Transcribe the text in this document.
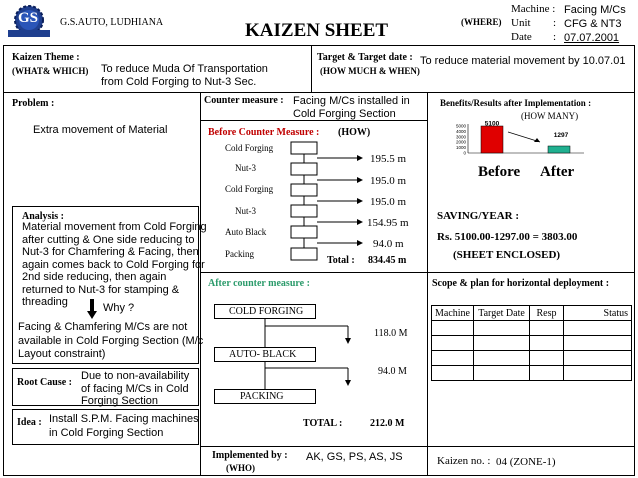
GS G.S.AUTO, LUDHIANA	KAIZEN SHEET	(WHERE)
Machine : Facing M/Cs
Unit : CFG & NT3
Date : 07.07.2001
Kaizen Theme :
(WHAT& WHICH) To reduce Muda Of Transportation
from Cold Forging to Nut-3 Sec.
Target & Target date :
(HOW MUCH & WHEN)
To reduce material movement by 10.07.01
Problem :
Extra movement of Material
Counter measure : Facing M/Cs installed in
Cold Forging Section
Before Counter Measure : (HOW)
Cold Forging
Nut-3
Cold Forging
Nut-3
Auto Black
Packing
195.5 m
195.0 m
195.0 m
154.95 m
94.0 m
Total : 834.45 m
Analysis :
Material movement from Cold Forging
after cutting & One side reducing to
Nut-3 for Chamfering & Facing, then
again comes back to Cold Forging for
2nd side reducing, then again
returned to Nut-3 for stamping &
threading	Why ?
Facing & Chamfering M/Cs are not
available in Cold Forging Section (M/c
Layout constraint)
Root Cause :
Due to non-availability
of facing M/Cs in Cold
Forging Section
Idea : Install S.P.M. Facing machines
in Cold Forging Section
Benefits/Results after Implementation :
(HOW MANY)
5000
4000
3000
2000
1000
0
5100
1297
Before After
SAVING/YEAR :
Rs. 5100.00-1297.00 = 3803.00
(SHEET ENCLOSED)
After counter measure :
COLD FORGING
AUTO- BLACK
PACKING
118.0 M
94.0 M
TOTAL :	212.0 M
Scope & plan for horizontal deployment :
Machine	Target Date	Resp	Status

Implemented by :
(WHO)
AK, GS, PS, AS, JS	Kaizen no. : 04 (ZONE-1)
